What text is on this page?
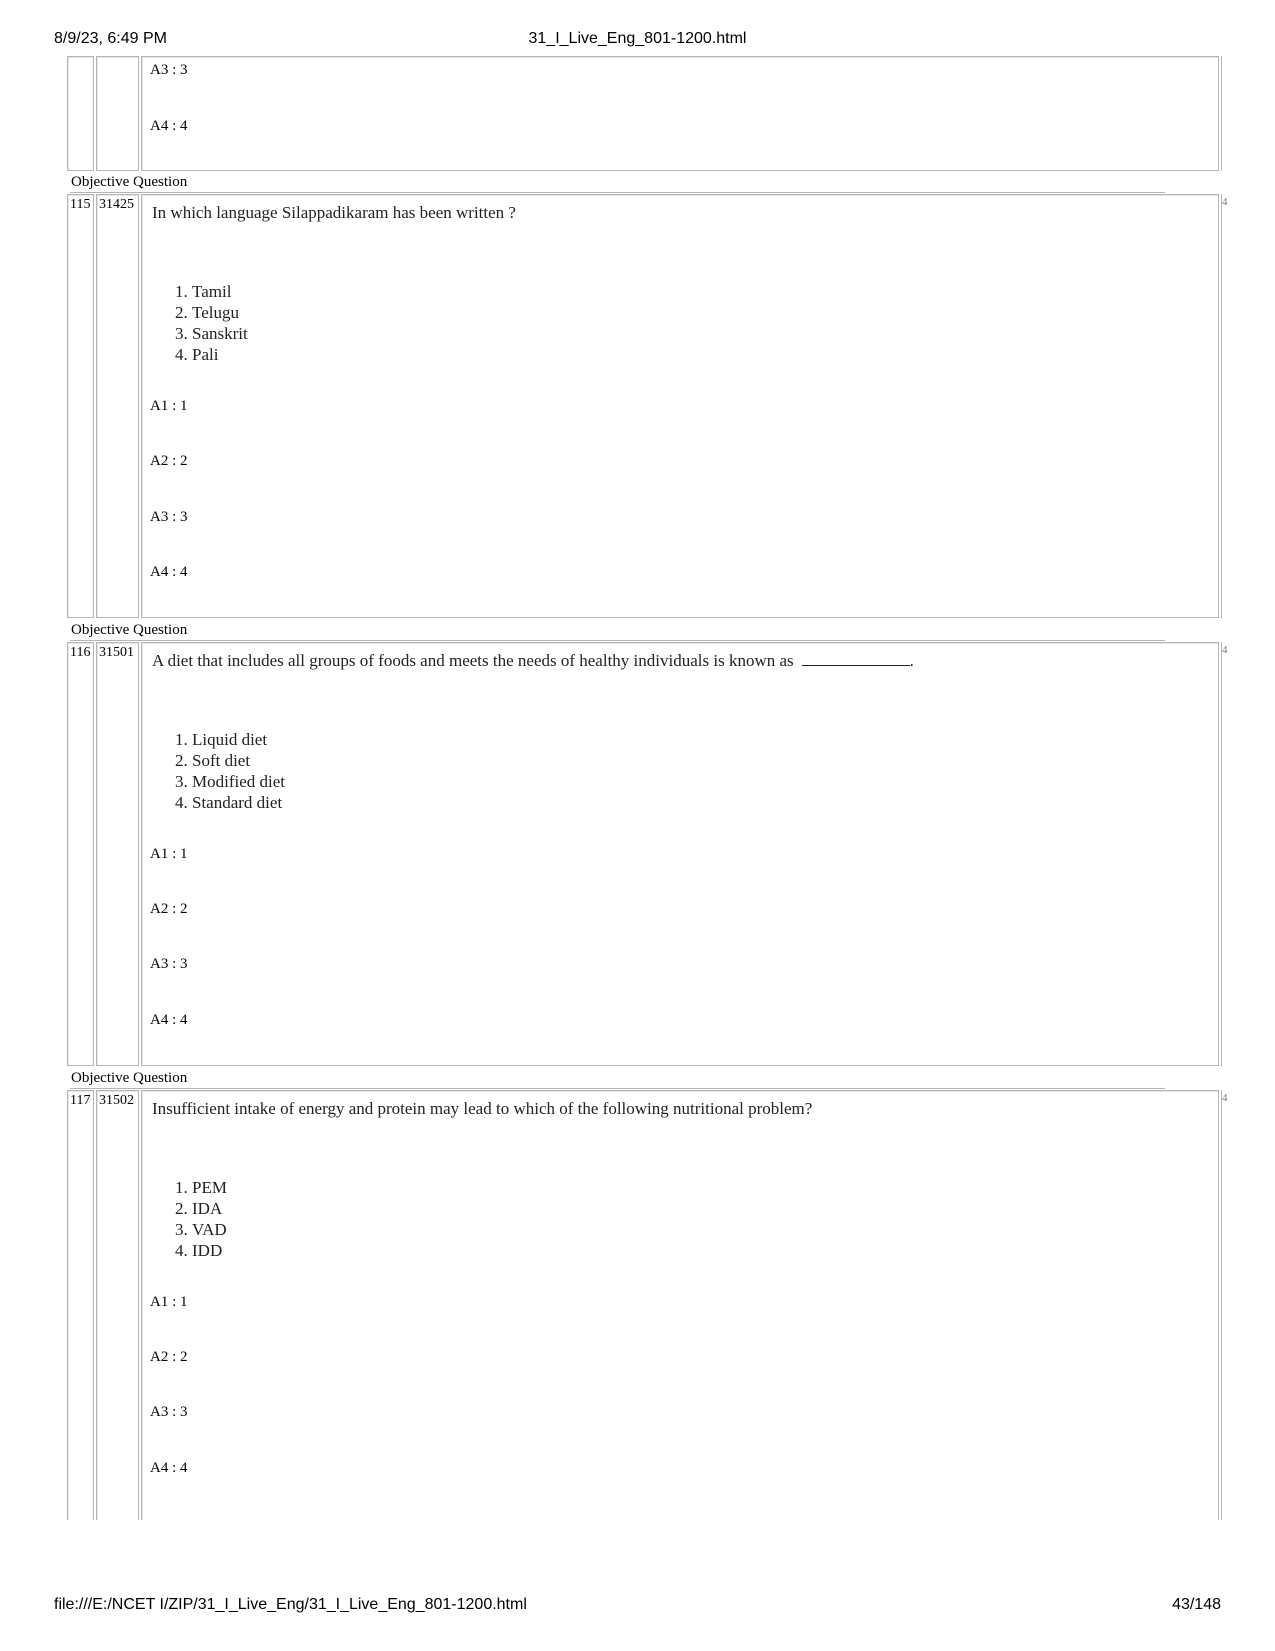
8/9/23, 6:49 PM	31_I_Live_Eng_801-1200.html
A3 : 3
A4 : 4
Objective Question
115 31425 In which language Silappadikaram has been written ?
1. Tamil
2. Telugu
3. Sanskrit
4. Pali
A1 : 1
A2 : 2
A3 : 3
A4 : 4
4
Objective Question
116 31501 A diet that includes all groups of foods and meets the needs of healthy individuals is known as	.
1. Liquid diet
2. Soft diet
3. Modified diet
4. Standard diet
A1 : 1
A2 : 2
A3 : 3
A4 : 4
4
Objective Question
117 31502 Insufficient intake of energy and protein may lead to which of the following nutritional problem?
1. PEM
2. IDA
3. VAD
4. IDD
A1 : 1
A2 : 2
A3 : 3
A4 : 4
4
file:///E:/NCET I/ZIP/31_I_Live_Eng/31_I_Live_Eng_801-1200.html	43/148
